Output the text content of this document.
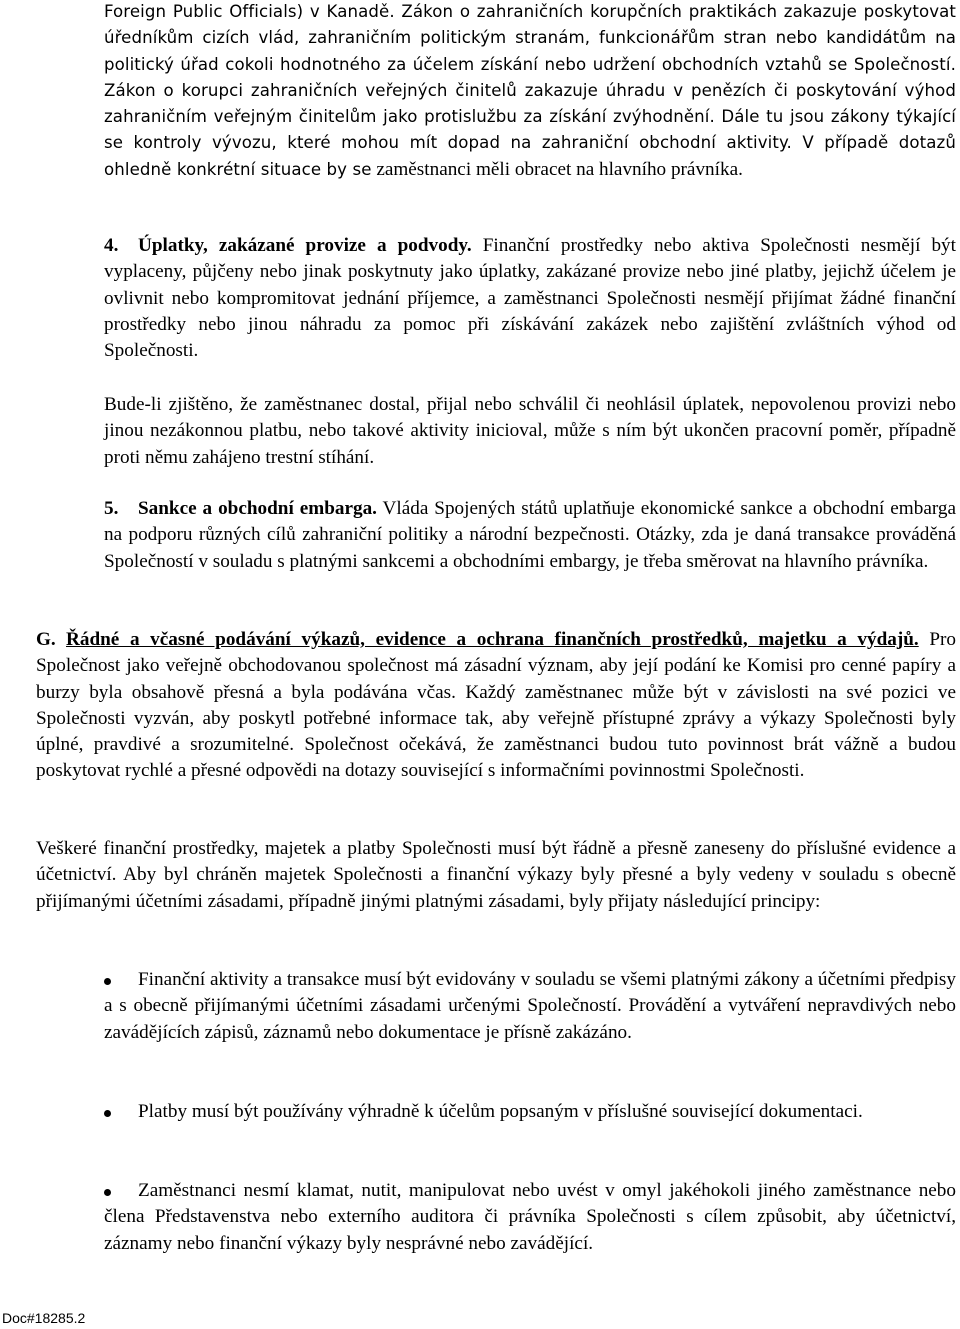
Foreign Public Officials) v Kanadě. Zákon o zahraničních korupčních praktikách zakazuje poskytovat úředníkům cizích vlád, zahraničním politickým stranám, funkcionářům stran nebo kandidátům na politický úřad cokoli hodnotného za účelem získání nebo udržení obchodních vztahů se Společností. Zákon o korupci zahraničních veřejných činitelů zakazuje úhradu v penězích či poskytování výhod zahraničním veřejným činitelům jako protislužbu za získání zvýhodnění. Dále tu jsou zákony týkající se kontroly vývozu, které mohou mít dopad na zahraniční obchodní aktivity. V případě dotazů ohledně konkrétní situace by se zaměstnanci měli obracet na hlavního právníka.

4. Úplatky, zakázané provize a podvody. Finanční prostředky nebo aktiva Společnosti nesmějí být vyplaceny, půjčeny nebo jinak poskytnuty jako úplatky, zakázané provize nebo jiné platby, jejichž účelem je ovlivnit nebo kompromitovat jednání příjemce, a zaměstnanci Společnosti nesmějí přijímat žádné finanční prostředky nebo jinou náhradu za pomoc při získávání zakázek nebo zajištění zvláštních výhod od Společnosti.

Bude-li zjištěno, že zaměstnanec dostal, přijal nebo schválil či neohlásil úplatek, nepovolenou provizi nebo jinou nezákonnou platbu, nebo takové aktivity inicioval, může s ním být ukončen pracovní poměr, případně proti němu zahájeno trestní stíhání.

5. Sankce a obchodní embarga. Vláda Spojených států uplatňuje ekonomické sankce a obchodní embarga na podporu různých cílů zahraniční politiky a národní bezpečnosti. Otázky, zda je daná transakce prováděná Společností v souladu s platnými sankcemi a obchodními embargy, je třeba směrovat na hlavního právníka.

G. Řádné a včasné podávání výkazů, evidence a ochrana finančních prostředků, majetku a výdajů. Pro Společnost jako veřejně obchodovanou společnost má zásadní význam, aby její podání ke Komisi pro cenné papíry a burzy byla obsahově přesná a byla podávána včas. Každý zaměstnanec může být v závislosti na své pozici ve Společnosti vyzván, aby poskytl potřebné informace tak, aby veřejně přístupné zprávy a výkazy Společnosti byly úplné, pravdivé a srozumitelné. Společnost očekává, že zaměstnanci budou tuto povinnost brát vážně a budou poskytovat rychlé a přesné odpovědi na dotazy související s informačními povinnostmi Společnosti.

Veškeré finanční prostředky, majetek a platby Společnosti musí být řádně a přesně zaneseny do příslušné evidence a účetnictví. Aby byl chráněn majetek Společnosti a finanční výkazy byly přesné a byly vedeny v souladu s obecně přijímanými účetními zásadami, případně jinými platnými zásadami, byly přijaty následující principy:

Finanční aktivity a transakce musí být evidovány v souladu se všemi platnými zákony a účetními předpisy a s obecně přijímanými účetními zásadami určenými Společností. Provádění a vytváření nepravdivých nebo zavádějících zápisů, záznamů nebo dokumentace je přísně zakázáno.

Platby musí být používány výhradně k účelům popsaným v příslušné související dokumentaci.

Zaměstnanci nesmí klamat, nutit, manipulovat nebo uvést v omyl jakéhokoli jiného zaměstnance nebo člena Představenstva nebo externího auditora či právníka Společnosti s cílem způsobit, aby účetnictví, záznamy nebo finanční výkazy byly nesprávné nebo zavádějící.

Doc#18285.2
